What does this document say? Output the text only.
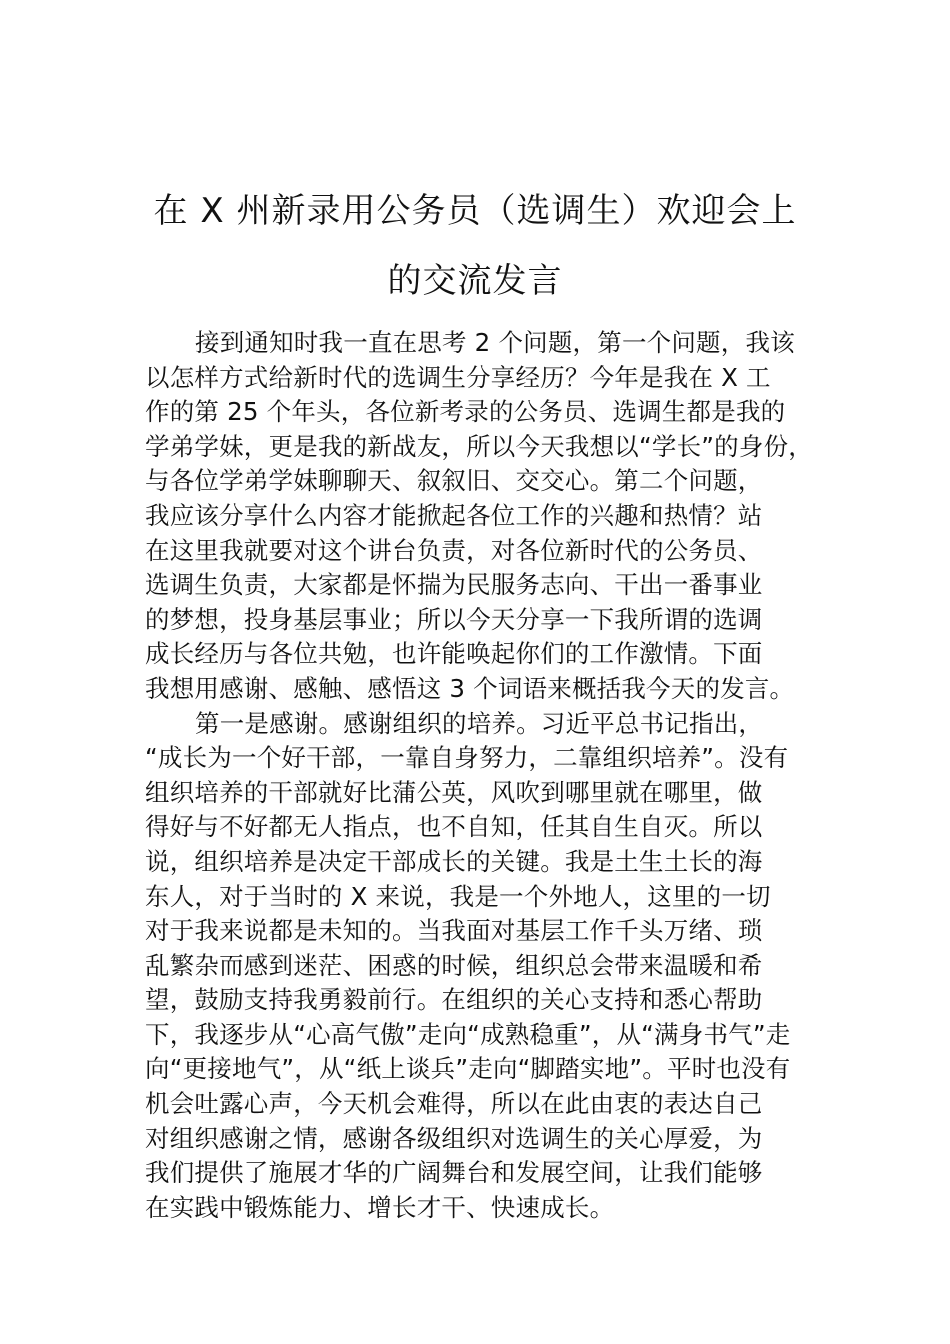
在 X 州新录用公务员（选调生）欢迎会上
的交流发言
接到通知时我一直在思考 2 个问题，第一个问题，我该
以怎样方式给新时代的选调生分享经历？今年是我在 X 工
作的第 25 个年头，各位新考录的公务员、选调生都是我的
学弟学妹，更是我的新战友，所以今天我想以“学长”的身份，
与各位学弟学妹聊聊天、叙叙旧、交交心。第二个问题，
我应该分享什么内容才能掀起各位工作的兴趣和热情？站
在这里我就要对这个讲台负责，对各位新时代的公务员、
选调生负责，大家都是怀揣为民服务志向、干出一番事业
的梦想，投身基层事业；所以今天分享一下我所谓的选调
成长经历与各位共勉，也许能唤起你们的工作激情。下面
我想用感谢、感触、感悟这 3 个词语来概括我今天的发言。
第一是感谢。感谢组织的培养。习近平总书记指出，
“成长为一个好干部，一靠自身努力，二靠组织培养”。没有
组织培养的干部就好比蒲公英，风吹到哪里就在哪里，做
得好与不好都无人指点，也不自知，任其自生自灭。所以
说，组织培养是决定干部成长的关键。我是土生土长的海
东人，对于当时的 X 来说，我是一个外地人，这里的一切
对于我来说都是未知的。当我面对基层工作千头万绪、琐
乱繁杂而感到迷茫、困惑的时候，组织总会带来温暖和希
望，鼓励支持我勇毅前行。在组织的关心支持和悉心帮助
下，我逐步从“心高气傲”走向“成熟稳重”，从“满身书气”走
向“更接地气”，从“纸上谈兵”走向“脚踏实地”。平时也没有
机会吐露心声，今天机会难得，所以在此由衷的表达自己
对组织感谢之情，感谢各级组织对选调生的关心厚爱，为
我们提供了施展才华的广阔舞台和发展空间，让我们能够
在实践中锻炼能力、增长才干、快速成长。
